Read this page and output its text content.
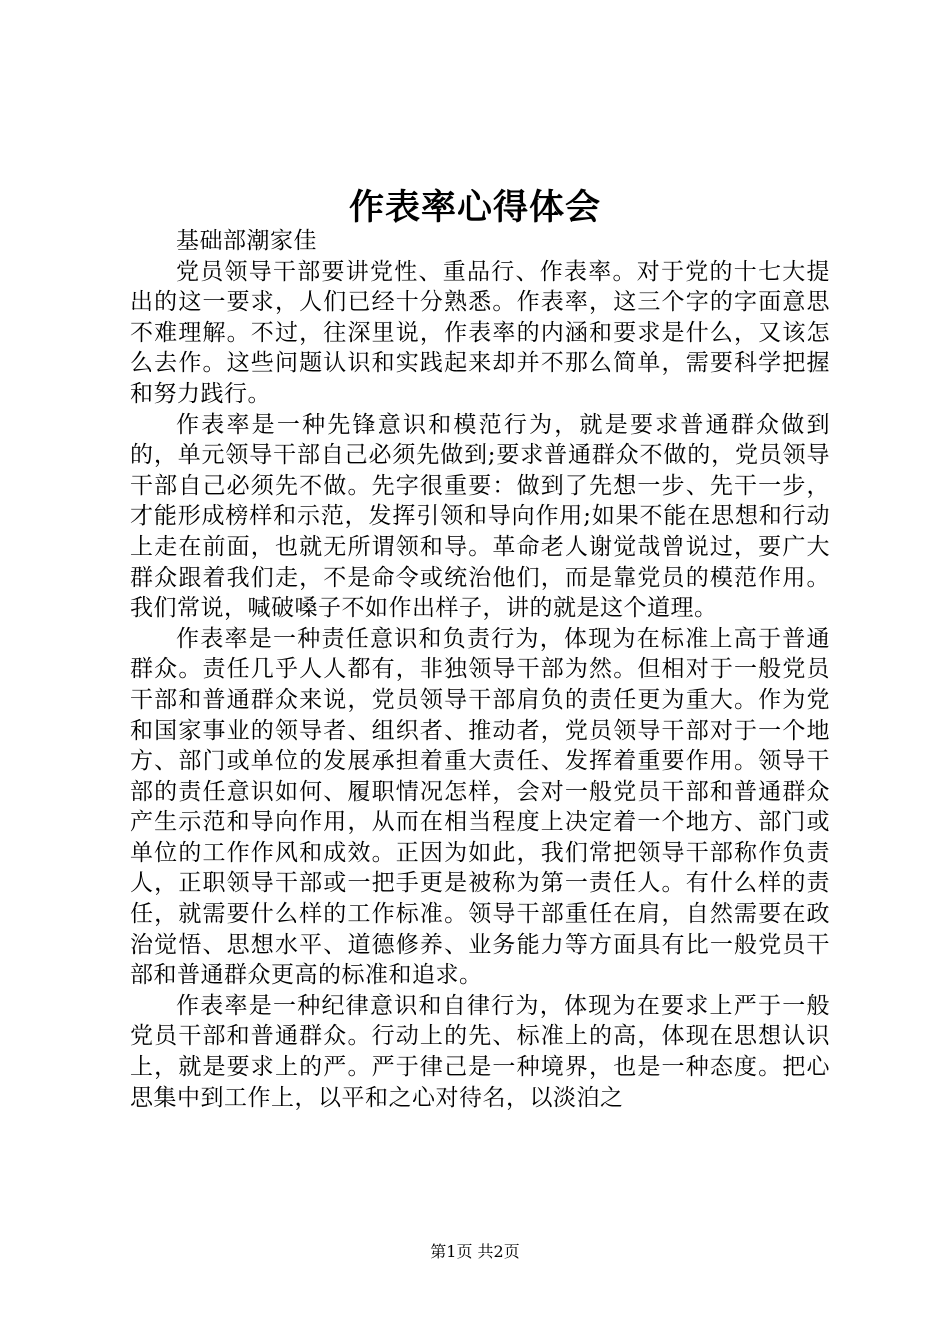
作表率心得体会

基础部潮家佳

党员领导干部要讲党性、重品行、作表率。对于党的十七大提出的这一要求，人们已经十分熟悉。作表率，这三个字的字面意思不难理解。不过，往深里说，作表率的内涵和要求是什么，又该怎么去作。这些问题认识和实践起来却并不那么简单，需要科学把握和努力践行。

作表率是一种先锋意识和模范行为，就是要求普通群众做到的，单元领导干部自己必须先做到;要求普通群众不做的，党员领导干部自己必须先不做。先字很重要：做到了先想一步、先干一步，才能形成榜样和示范，发挥引领和导向作用;如果不能在思想和行动上走在前面，也就无所谓领和导。革命老人谢觉哉曾说过，要广大群众跟着我们走，不是命令或统治他们，而是靠党员的模范作用。我们常说，喊破嗓子不如作出样子，讲的就是这个道理。

作表率是一种责任意识和负责行为，体现为在标准上高于普通群众。责任几乎人人都有，非独领导干部为然。但相对于一般党员干部和普通群众来说，党员领导干部肩负的责任更为重大。作为党和国家事业的领导者、组织者、推动者，党员领导干部对于一个地方、部门或单位的发展承担着重大责任、发挥着重要作用。领导干部的责任意识如何、履职情况怎样，会对一般党员干部和普通群众产生示范和导向作用，从而在相当程度上决定着一个地方、部门或单位的工作作风和成效。正因为如此，我们常把领导干部称作负责人，正职领导干部或一把手更是被称为第一责任人。有什么样的责任，就需要什么样的工作标准。领导干部重任在肩，自然需要在政治觉悟、思想水平、道德修养、业务能力等方面具有比一般党员干部和普通群众更高的标准和追求。

作表率是一种纪律意识和自律行为，体现为在要求上严于一般党员干部和普通群众。行动上的先、标准上的高，体现在思想认识上，就是要求上的严。严于律己是一种境界，也是一种态度。把心思集中到工作上，以平和之心对待名，以淡泊之

第1页 共2页
